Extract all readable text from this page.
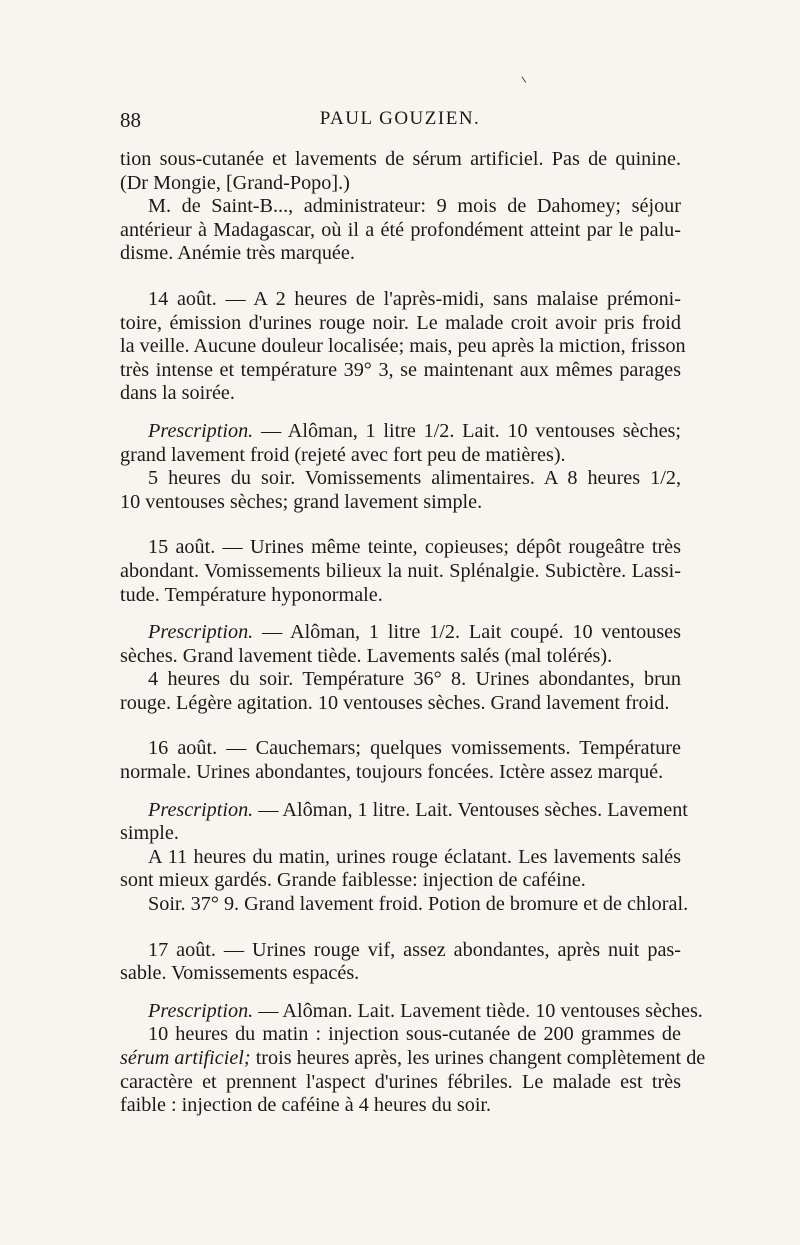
88	PAUL GOUZIEN.
tion sous-cutanée et lavements de sérum artificiel. Pas de quinine.
(Dr Mongie, [Grand-Popo].)
M. de Saint-B..., administrateur: 9 mois de Dahomey; séjour
antérieur à Madagascar, où il a été profondément atteint par le palu-
disme. Anémie très marquée.
14 août. — A 2 heures de l'après-midi, sans malaise prémoni-
toire, émission d'urines rouge noir. Le malade croit avoir pris froid
la veille. Aucune douleur localisée; mais, peu après la miction, frisson
très intense et température 39° 3, se maintenant aux mêmes parages
dans la soirée.
Prescription. — Alôman, 1 litre 1/2. Lait. 10 ventouses sèches;
grand lavement froid (rejeté avec fort peu de matières).
5 heures du soir. Vomissements alimentaires. A 8 heures 1/2,
10 ventouses sèches; grand lavement simple.
15 août. — Urines même teinte, copieuses; dépôt rougeâtre très
abondant. Vomissements bilieux la nuit. Splénalgie. Subictère. Lassi-
tude. Température hyponormale.
Prescription. — Alôman, 1 litre 1/2. Lait coupé. 10 ventouses
sèches. Grand lavement tiède. Lavements salés (mal tolérés).
4 heures du soir. Température 36° 8. Urines abondantes, brun
rouge. Légère agitation. 10 ventouses sèches. Grand lavement froid.
16 août. — Cauchemars; quelques vomissements. Température
normale. Urines abondantes, toujours foncées. Ictère assez marqué.
Prescription. — Alôman, 1 litre. Lait. Ventouses sèches. Lavement
simple.
A 11 heures du matin, urines rouge éclatant. Les lavements salés
sont mieux gardés. Grande faiblesse: injection de caféine.
Soir. 37° 9. Grand lavement froid. Potion de bromure et de chloral.
17 août. — Urines rouge vif, assez abondantes, après nuit pas-
sable. Vomissements espacés.
Prescription. — Alôman. Lait. Lavement tiède. 10 ventouses sèches.
10 heures du matin : injection sous-cutanée de 200 grammes de
sérum artificiel; trois heures après, les urines changent complètement de
caractère et prennent l'aspect d'urines fébriles. Le malade est très
faible : injection de caféine à 4 heures du soir.
